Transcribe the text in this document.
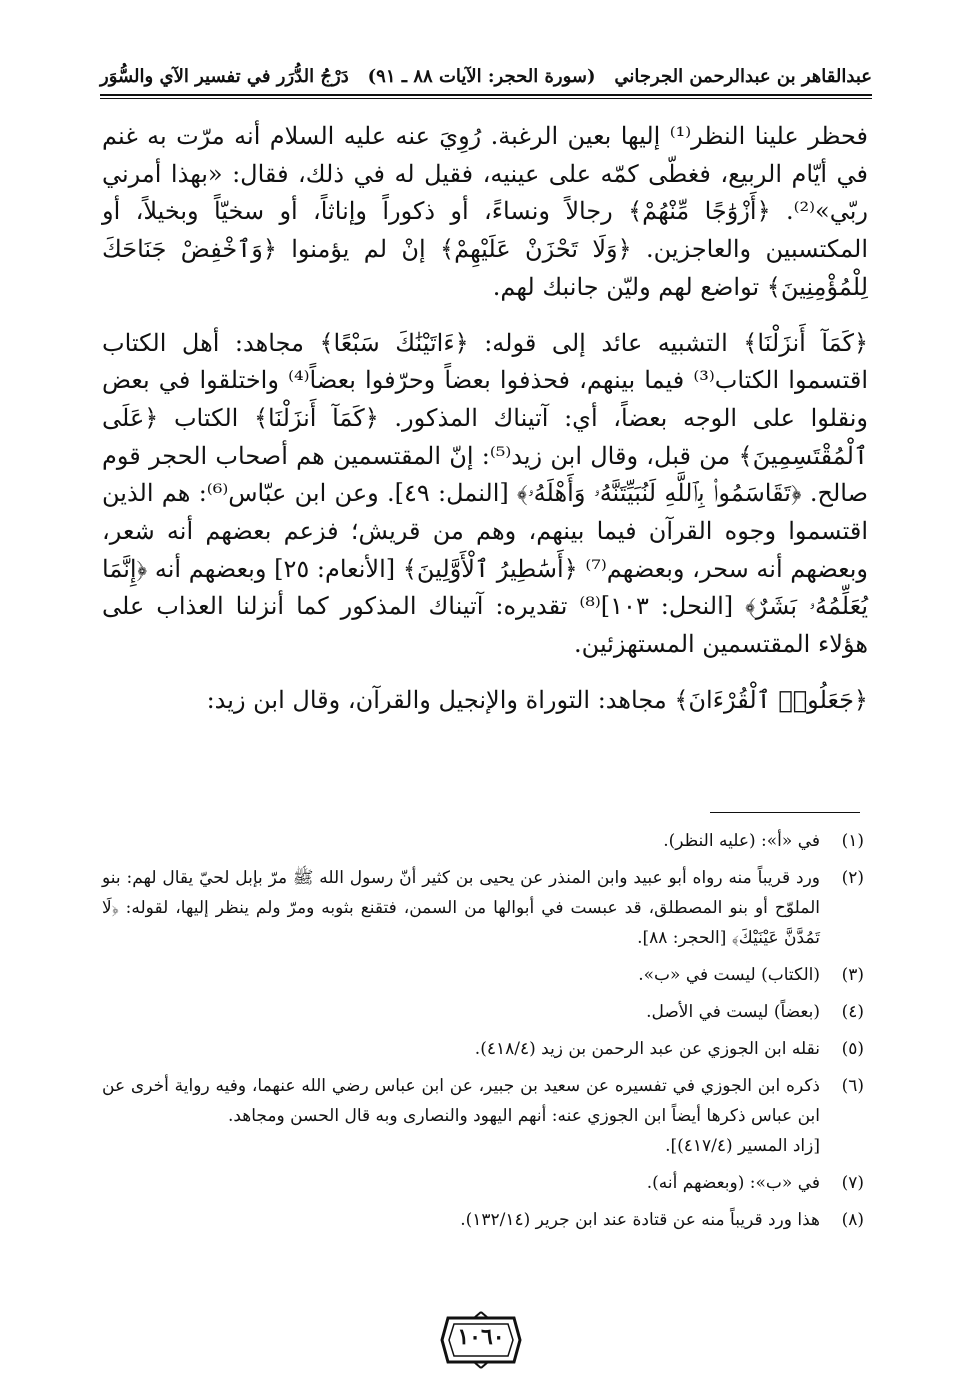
عبدالقاهر بن عبدالرحمن الجرجاني
(سورة الحجر: الآيات ٨٨ ـ ٩١)
دَرْجُ الدُّرَر في تفسير الآي والسُّوَر

فحظر علينا النظر⁽¹⁾ إليها بعين الرغبة. رُوِيَ عنه عليه السلام أنه مرّت به غنم في أيّام الربيع، فغطّى كمّه على عينيه، فقيل له في ذلك، فقال: «بهذا أمرني ربّي»⁽²⁾. ﴿أَزْوَٰجًا مِّنْهُمْ﴾ رجالاً ونساءً، أو ذكوراً وإناثاً، أو سخيّاً وبخيلاً، أو المكتسبين والعاجزين. ﴿وَلَا تَحْزَنْ عَلَيْهِمْ﴾ إنْ لم يؤمنوا ﴿وَٱخْفِضْ جَنَاحَكَ لِلْمُؤْمِنِينَ﴾ تواضع لهم وليّن جانبك لهم.

﴿كَمَآ أَنزَلْنَا﴾ التشبيه عائد إلى قوله: ﴿ءَاتَيْنَٰكَ سَبْعًا﴾ مجاهد: أهل الكتاب اقتسموا الكتاب⁽³⁾ فيما بينهم، فحذفوا بعضاً وحرّفوا بعضاً⁽⁴⁾ واختلقوا في بعض ونقلوا على الوجه بعضاً، أي: آتيناك المذكور. ﴿كَمَآ أَنزَلْنَا﴾ الكتاب ﴿عَلَى ٱلْمُقْتَسِمِينَ﴾ من قبل، وقال ابن زيد⁽⁵⁾: إنّ المقتسمين هم أصحاب الحجر قوم صالح. ﴿تَقَاسَمُوا۟ بِٱللَّهِ لَنُبَيِّتَنَّهُۥ وَأَهْلَهُۥ﴾ [النمل: ٤٩]. وعن ابن عبّاس⁽⁶⁾: هم الذين اقتسموا وجوه القرآن فيما بينهم، وهم من قريش؛ فزعم بعضهم أنه شعر، وبعضهم أنه سحر، وبعضهم⁽⁷⁾ ﴿أَسَٰطِيرُ ٱلْأَوَّلِينَ﴾ [الأنعام: ٢٥] وبعضهم أنه ﴿إِنَّمَا يُعَلِّمُهُۥ بَشَرٌ﴾ [النحل: ١٠٣]⁽⁸⁾ تقديره: آتيناك المذكور كما أنزلنا العذاب على هؤلاء المقتسمين المستهزئين.

﴿جَعَلُوا۟ ٱلْقُرْءَانَ﴾ مجاهد: التوراة والإنجيل والقرآن، وقال ابن زيد:

(١)
في «أ»: (عليه النظر).
(٢)
ورد قريباً منه رواه أبو عبيد وابن المنذر عن يحيى بن كثير أنّ رسول الله ﷺ مرّ بإبل لحيّ يقال لهم: بنو الملوّح أو بنو المصطلق، قد عبست في أبوالها من السمن، فتقنع بثوبه ومرّ ولم ينظر إليها، لقوله: ﴿لَا تَمُدَّنَّ عَيْنَيْكَ﴾ [الحجر: ٨٨].
(٣)
(الكتاب) ليست في «ب».
(٤)
(بعضاً) ليست في الأصل.
(٥)
نقله ابن الجوزي عن عبد الرحمن بن زيد (٤١٨/٤).
(٦)
ذكره ابن الجوزي في تفسيره عن سعيد بن جبير، عن ابن عباس رضي الله عنهما، وفيه رواية أخرى عن ابن عباس ذكرها أيضاً ابن الجوزي عنه: أنهم اليهود والنصارى وبه قال الحسن ومجاهد.
[زاد المسير (٤١٧/٤)].
(٧)
في «ب»: (وبعضهم أنه).
(٨)
هذا ورد قريباً منه عن قتادة عند ابن جرير (١٣٢/١٤).
١٠٦٠
